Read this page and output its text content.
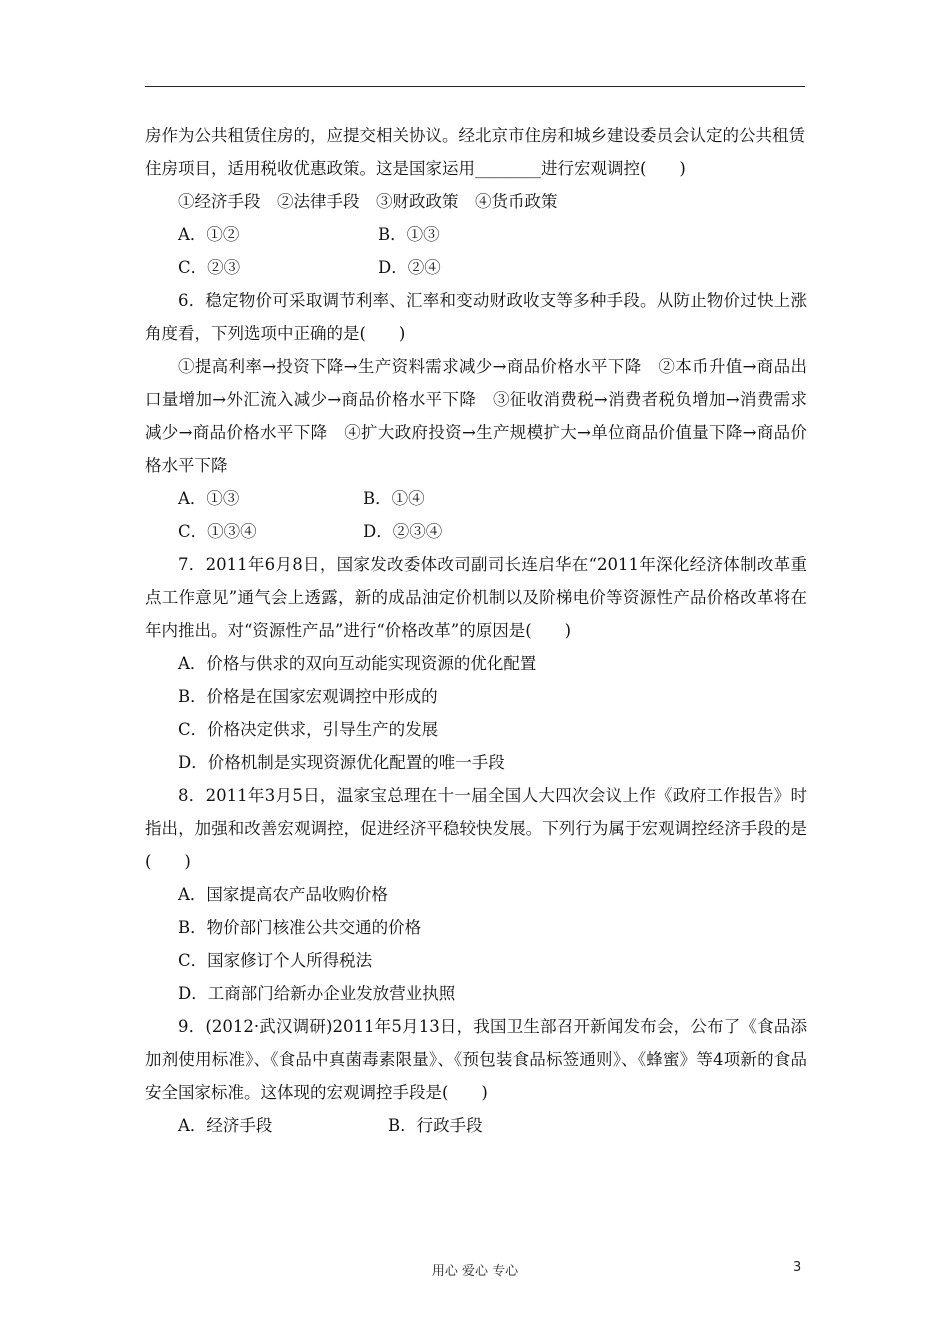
房作为公共租赁住房的，应提交相关协议。经北京市住房和城乡建设委员会认定的公共租赁

住房项目，适用税收优惠政策。这是国家运用________进行宏观调控(　　)

①经济手段　②法律手段　③财政政策　④货币政策

A．①②	B．①③
C．②③	D．②④

6．稳定物价可采取调节利率、汇率和变动财政收支等多种手段。从防止物价过快上涨角度看，下列选项中正确的是(　　)

①提高利率→投资下降→生产资料需求减少→商品价格水平下降　②本币升值→商品出口量增加→外汇流入减少→商品价格水平下降　③征收消费税→消费者税负增加→消费需求减少→商品价格水平下降　④扩大政府投资→生产规模扩大→单位商品价值量下降→商品价格水平下降

A．①③	B．①④
C．①③④	D．②③④

7．2011年6月8日，国家发改委体改司副司长连启华在“2011年深化经济体制改革重点工作意见”通气会上透露，新的成品油定价机制以及阶梯电价等资源性产品价格改革将在年内推出。对“资源性产品”进行“价格改革”的原因是(　　)

A．价格与供求的双向互动能实现资源的优化配置

B．价格是在国家宏观调控中形成的

C．价格决定供求，引导生产的发展

D．价格机制是实现资源优化配置的唯一手段

8．2011年3月5日，温家宝总理在十一届全国人大四次会议上作《政府工作报告》时指出，加强和改善宏观调控，促进经济平稳较快发展。下列行为属于宏观调控经济手段的是(　　)

A．国家提高农产品收购价格

B．物价部门核准公共交通的价格

C．国家修订个人所得税法

D．工商部门给新办企业发放营业执照

9．(2012·武汉调研)2011年5月13日，我国卫生部召开新闻发布会，公布了《食品添加剂使用标准》、《食品中真菌毒素限量》、《预包装食品标签通则》、《蜂蜜》等4项新的食品安全国家标准。这体现的宏观调控手段是(　　)

A．经济手段	B．行政手段
用心 爱心 专心	3
